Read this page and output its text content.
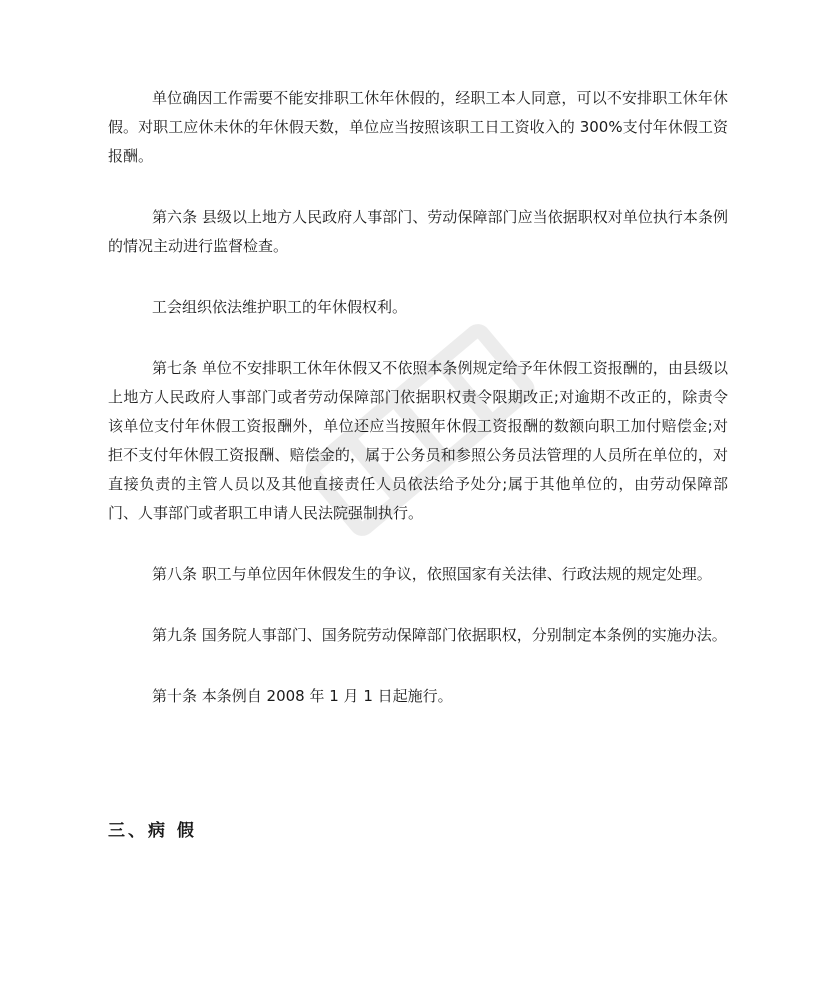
单位确因工作需要不能安排职工休年休假的，经职工本人同意，可以不安排职工休年休假。对职工应休未休的年休假天数，单位应当按照该职工日工资收入的 300%支付年休假工资报酬。

第六条 县级以上地方人民政府人事部门、劳动保障部门应当依据职权对单位执行本条例的情况主动进行监督检查。

工会组织依法维护职工的年休假权利。

第七条 单位不安排职工休年休假又不依照本条例规定给予年休假工资报酬的，由县级以上地方人民政府人事部门或者劳动保障部门依据职权责令限期改正;对逾期不改正的，除责令该单位支付年休假工资报酬外，单位还应当按照年休假工资报酬的数额向职工加付赔偿金;对拒不支付年休假工资报酬、赔偿金的，属于公务员和参照公务员法管理的人员所在单位的，对直接负责的主管人员以及其他直接责任人员依法给予处分;属于其他单位的，由劳动保障部门、人事部门或者职工申请人民法院强制执行。

第八条 职工与单位因年休假发生的争议，依照国家有关法律、行政法规的规定处理。

第九条 国务院人事部门、国务院劳动保障部门依据职权，分别制定本条例的实施办法。

第十条 本条例自 2008 年 1 月 1 日起施行。

三、病 假
